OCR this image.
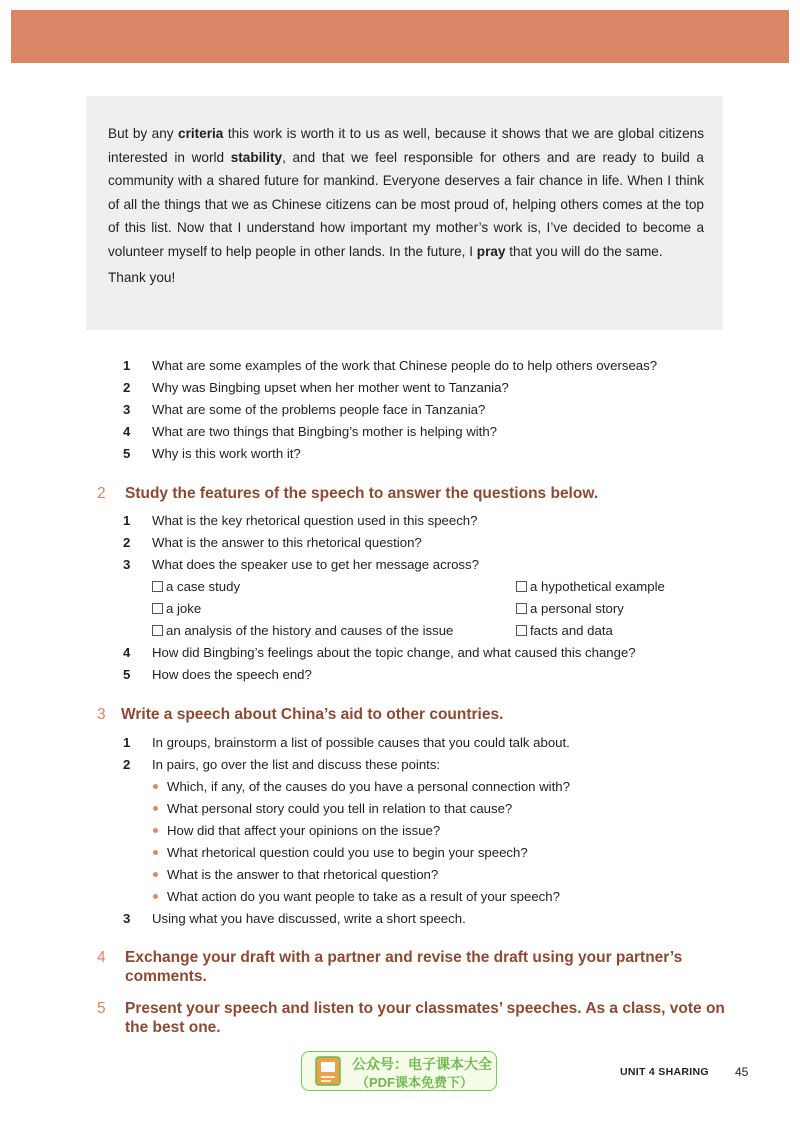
But by any criteria this work is worth it to us as well, because it shows that we are global citizens interested in world stability, and that we feel responsible for others and are ready to build a community with a shared future for mankind. Everyone deserves a fair chance in life. When I think of all the things that we as Chinese citizens can be most proud of, helping others comes at the top of this list. Now that I understand how important my mother’s work is, I’ve decided to become a volunteer myself to help people in other lands. In the future, I pray that you will do the same.

Thank you!

1	What are some examples of the work that Chinese people do to help others overseas?
2	Why was Bingbing upset when her mother went to Tanzania?
3	What are some of the problems people face in Tanzania?
4	What are two things that Bingbing’s mother is helping with?
5	Why is this work worth it?
2 Study the features of the speech to answer the questions below.
1	What is the key rhetorical question used in this speech?
2	What is the answer to this rhetorical question?
3	What does the speaker use to get her message across?
a case study	a hypothetical example
a joke	a personal story
an analysis of the history and causes of the issue	facts and data
4	How did Bingbing’s feelings about the topic change, and what caused this change?
5	How does the speech end?
3 Write a speech about China’s aid to other countries.
1	In groups, brainstorm a list of possible causes that you could talk about.
2	In pairs, go over the list and discuss these points:
Which, if any, of the causes do you have a personal connection with?
What personal story could you tell in relation to that cause?
How did that affect your opinions on the issue?
What rhetorical question could you use to begin your speech?
What is the answer to that rhetorical question?
What action do you want people to take as a result of your speech?
3	Using what you have discussed, write a short speech.
4 Exchange your draft with a partner and revise the draft using your partner’s comments.
5 Present your speech and listen to your classmates’ speeches. As a class, vote on the best one.
公众号：电子课本大全
（PDF课本免费下）
UNIT 4 SHARING 45
